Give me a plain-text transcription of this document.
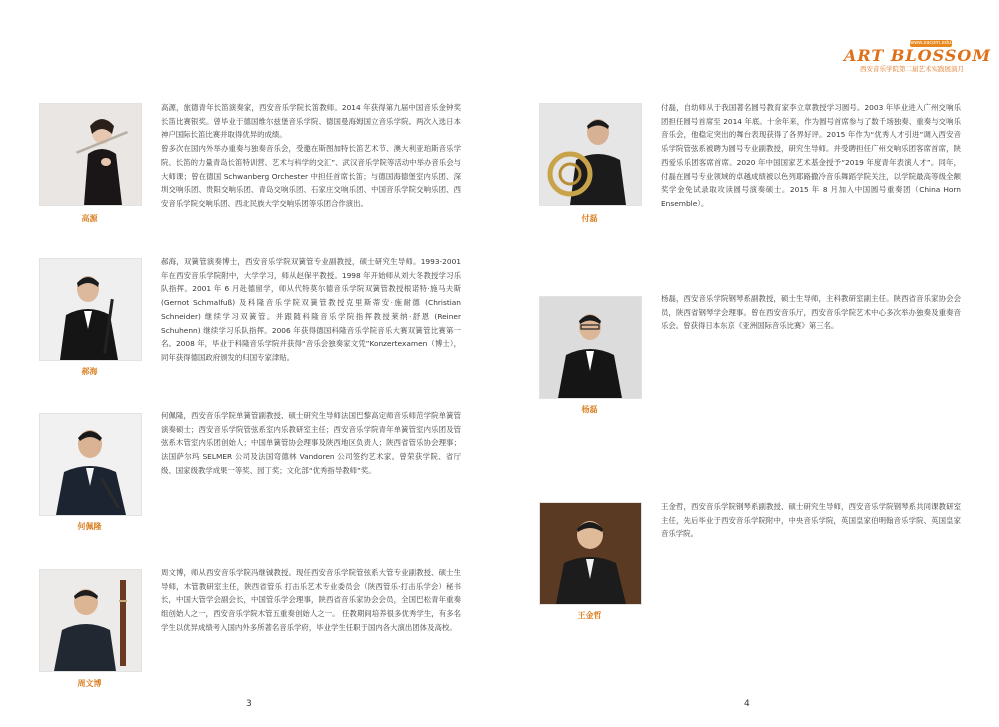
高源

高源，旅德青年长笛演奏家，西安音乐学院长笛教师。2014 年获得第九届中国音乐金钟奖长笛比赛银奖。曾毕业于德国维尔兹堡音乐学院、德国曼海姆国立音乐学院。两次入选日本神户国际长笛比赛并取得优异的成绩。
曾多次在国内外举办重奏与独奏音乐会，受邀在斯图加特长笛艺术节、澳大利亚珀斯音乐学院、长笛的力量青岛长笛特训营、艺术与科学的交汇”、武汉音乐学院等活动中举办音乐会与大师课；曾在德国 Schwanberg Orchester 中担任首席长笛；与德国海德堡室内乐团、深圳交响乐团、贵阳交响乐团、青岛交响乐团、石家庄交响乐团、中国音乐学院交响乐团、西安音乐学院交响乐团、西北民族大学交响乐团等乐团合作演出。

郝海

郝海，双簧管演奏博士，西安音乐学院双簧管专业副教授，硕士研究生导师。1993-2001 年在西安音乐学院附中，大学学习，师从赵保平教授。1998 年开始师从刘大冬教授学习乐队指挥。2001 年 6 月赴德留学，师从代特莫尔德音乐学院双簧管教授根诺特·施马夫斯 (Gernot Schmalfuß) 及科隆音乐学院双簧管教授克里斯蒂安·施耐德 (Christian Schneider) 继续学习双簧管。并跟随科隆音乐学院指挥教授莱纳·舒恩 (Reiner Schuhenn) 继续学习乐队指挥。2006 年获得德国科隆音乐学院音乐大赛双簧管比赛第一名。2008 年，毕业于科隆音乐学院并获得“音乐会独奏家文凭”Konzertexamen（博士），同年获得德国政府颁发的归国专家津贴。

何佩隆

何佩隆，西安音乐学院单簧管副教授、硕士研究生导师法国巴黎高定师音乐师范学院单簧管演奏硕士；西安音乐学院管弦系室内乐教研室主任；西安音乐学院青年单簧管室内乐团及管弦系木管室内乐团创始人；中国单簧管协会理事及陕西地区负责人；陕西省管乐协会理事；法国萨尔玛 SELMER 公司及法国弯德林 Vandoren 公司签约艺术家。曾荣获学院、省厅级、国家级教学成果一等奖、园丁奖；文化部“优秀指导教师”奖。

周文博

周文博，师从西安音乐学院冯继铖教授。现任西安音乐学院管弦系大管专业副教授、硕士生导师，木管教研室主任，陕西省管乐 打击乐艺术专业委员会（陕西管乐·打击乐学会）秘书长，中国大管学会副会长，中国管乐学会理事，陕西省音乐家协会会员，全国巴松青年重奏组创始人之一，西安音乐学院木管五重奏创始人之一。 任教期间培养很多优秀学生，有多名学生以优异成绩考入国内外多所著名音乐学府，毕业学生任职于国内各大演出团体及高校。

3
www.xacom.edu.cn
ART BLOSSOM
西安音乐学院第二届艺术实践展演月
付磊

付磊，自幼师从于我国著名圆号教育家李立章教授学习圆号。2003 年毕业进入广州交响乐团担任圆号首席至 2014 年底。十余年来，作为圆号首席参与了数千场独奏、重奏与交响乐音乐会，他稳定突出的舞台表现获得了各界好评。2015 年作为“优秀人才引进”调入西安音乐学院管弦系被聘为圆号专业副教授，研究生导师。并受聘担任广州交响乐团客席首席，陕西爱乐乐团客席首席。2020 年中国国家艺术基金授予“2019 年度青年表演人才”。同年，付磊在圆号专业领域的卓越成绩被以色列耶路撒冷音乐舞蹈学院关注，以学院最高等级全额奖学金免试录取攻读圆号演奏硕士。2015 年 8 月加入中国圆号重奏团（China Horn Ensemble）。

杨磊

杨磊，西安音乐学院钢琴系副教授，硕士生导师，主科教研室副主任。陕西省音乐家协会会员，陕西省钢琴学会理事。曾在西安音乐厅，西安音乐学院艺术中心多次举办独奏及重奏音乐会。曾获得日本东京《亚洲国际音乐比赛》第三名。

王金哲

王金哲，西安音乐学院钢琴系副教授、硕士研究生导师，西安音乐学院钢琴系共同课教研室主任，先后毕业于西安音乐学院附中，中央音乐学院，英国皇家伯明翰音乐学院、英国皇家音乐学院。

4
